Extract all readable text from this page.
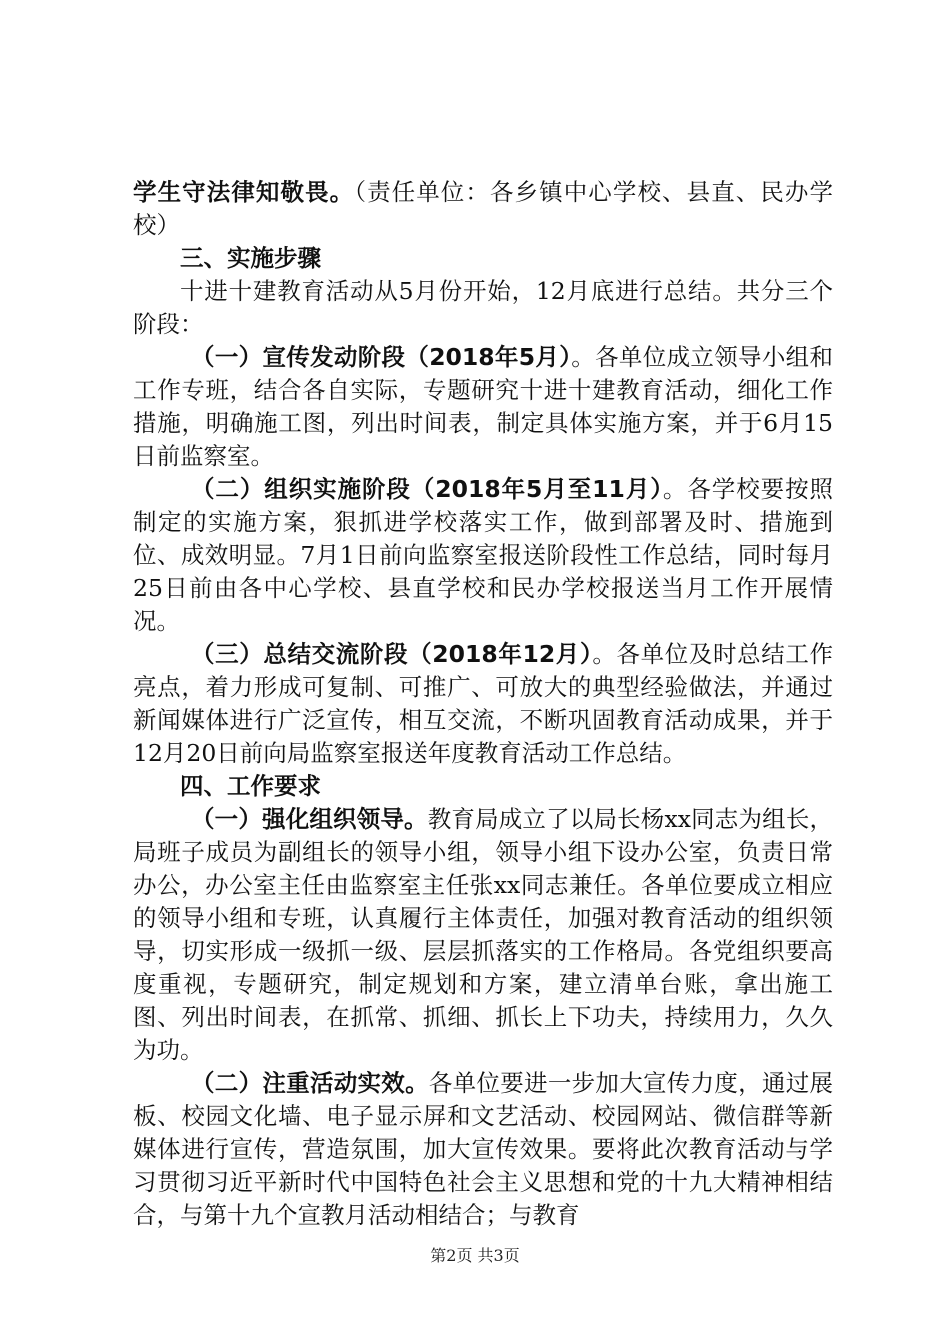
学生守法律知敬畏。（责任单位：各乡镇中心学校、县直、民办学校）

三、实施步骤

十进十建教育活动从5月份开始，12月底进行总结。共分三个阶段：

（一）宣传发动阶段（2018年5月）。各单位成立领导小组和工作专班，结合各自实际，专题研究十进十建教育活动，细化工作措施，明确施工图，列出时间表，制定具体实施方案，并于6月15日前监察室。

（二）组织实施阶段（2018年5月至11月）。各学校要按照制定的实施方案，狠抓进学校落实工作，做到部署及时、措施到位、成效明显。7月1日前向监察室报送阶段性工作总结，同时每月25日前由各中心学校、县直学校和民办学校报送当月工作开展情况。

（三）总结交流阶段（2018年12月）。各单位及时总结工作亮点，着力形成可复制、可推广、可放大的典型经验做法，并通过新闻媒体进行广泛宣传，相互交流，不断巩固教育活动成果，并于12月20日前向局监察室报送年度教育活动工作总结。

四、工作要求

（一）强化组织领导。教育局成立了以局长杨xx同志为组长，局班子成员为副组长的领导小组，领导小组下设办公室，负责日常办公，办公室主任由监察室主任张xx同志兼任。各单位要成立相应的领导小组和专班，认真履行主体责任，加强对教育活动的组织领导，切实形成一级抓一级、层层抓落实的工作格局。各党组织要高度重视，专题研究，制定规划和方案，建立清单台账，拿出施工图、列出时间表，在抓常、抓细、抓长上下功夫，持续用力，久久为功。

（二）注重活动实效。各单位要进一步加大宣传力度，通过展板、校园文化墙、电子显示屏和文艺活动、校园网站、微信群等新媒体进行宣传，营造氛围，加大宣传效果。要将此次教育活动与学习贯彻习近平新时代中国特色社会主义思想和党的十九大精神相结合，与第十九个宣教月活动相结合；与教育

第2页 共3页
